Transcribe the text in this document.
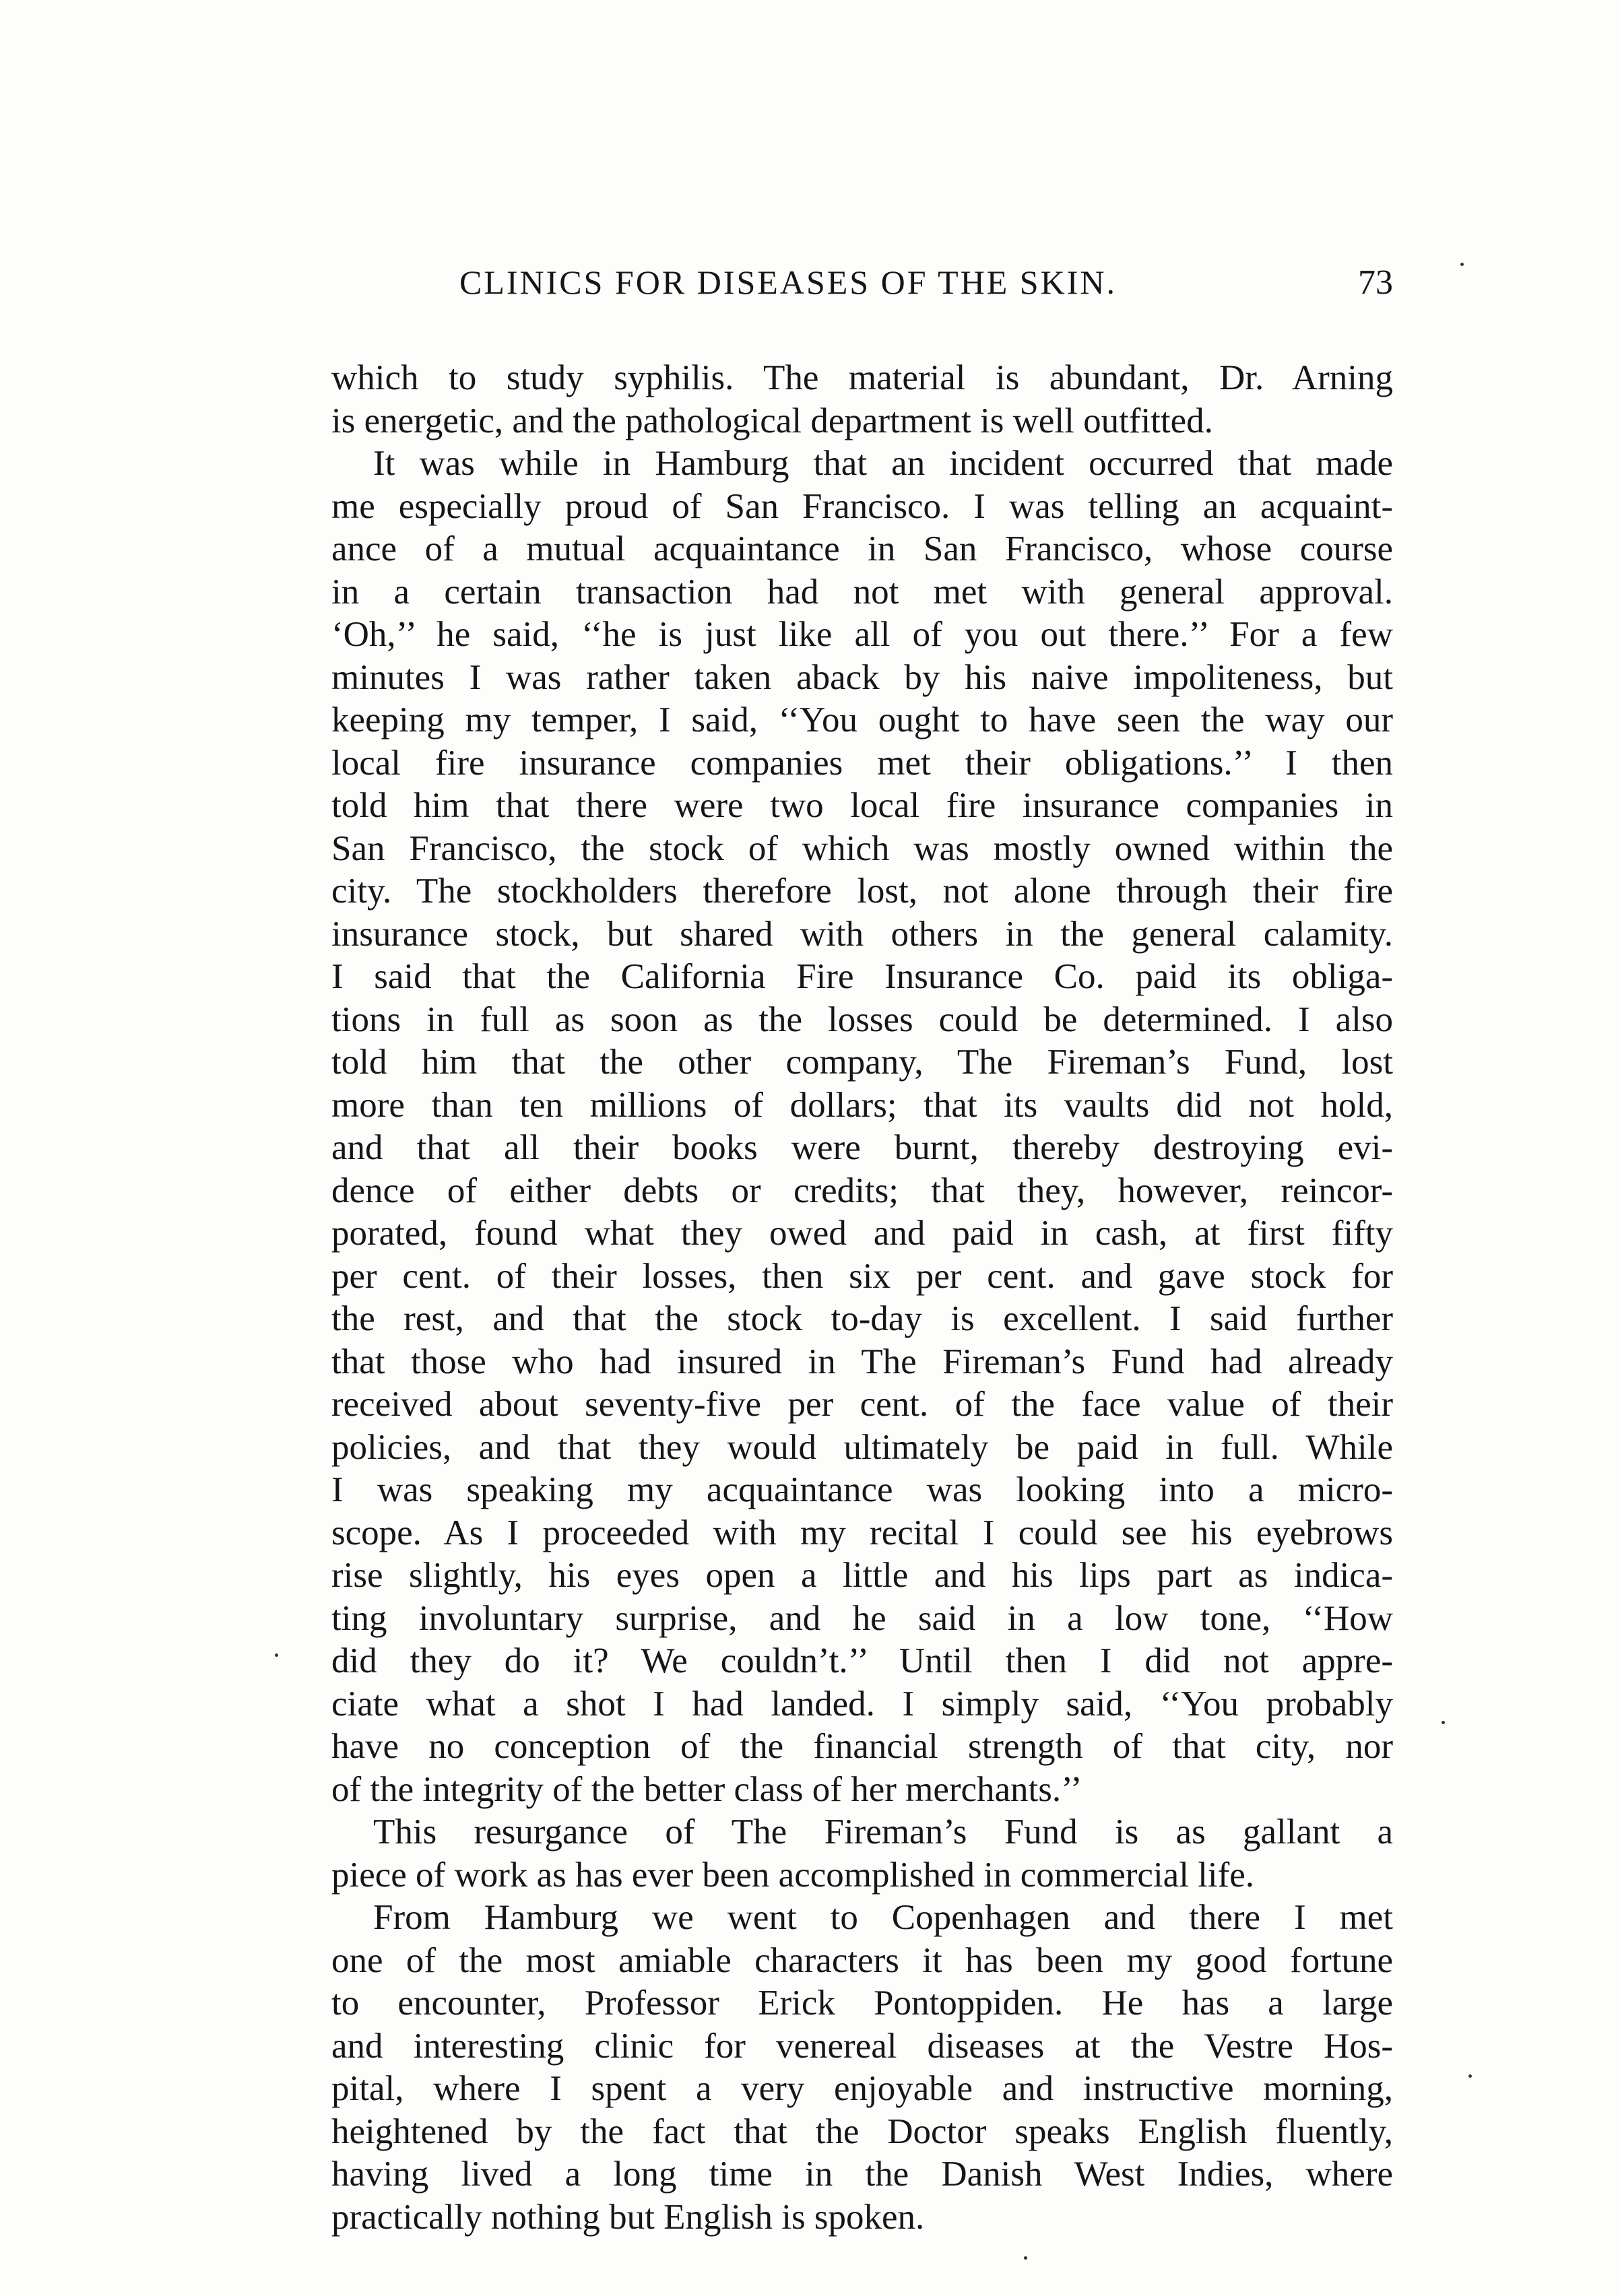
CLINICS FOR DISEASES OF THE SKIN.	73
which to study syphilis. The material is abundant, Dr. Arning
is energetic, and the pathological department is well outfitted.
It was while in Hamburg that an incident occurred that made
me especially proud of San Francisco. I was telling an acquaint-
ance of a mutual acquaintance in San Francisco, whose course
in a certain transaction had not met with general approval.
‘Oh,’’ he said, ‘‘he is just like all of you out there.’’ For a few
minutes I was rather taken aback by his naive impoliteness, but
keeping my temper, I said, ‘‘You ought to have seen the way our
local fire insurance companies met their obligations.’’ I then
told him that there were two local fire insurance companies in
San Francisco, the stock of which was mostly owned within the
city. The stockholders therefore lost, not alone through their fire
insurance stock, but shared with others in the general calamity.
I said that the California Fire Insurance Co. paid its obliga-
tions in full as soon as the losses could be determined. I also
told him that the other company, The Fireman’s Fund, lost
more than ten millions of dollars; that its vaults did not hold,
and that all their books were burnt, thereby destroying evi-
dence of either debts or credits; that they, however, reincor-
porated, found what they owed and paid in cash, at first fifty
per cent. of their losses, then six per cent. and gave stock for
the rest, and that the stock to-day is excellent. I said further
that those who had insured in The Fireman’s Fund had already
received about seventy-five per cent. of the face value of their
policies, and that they would ultimately be paid in full. While
I was speaking my acquaintance was looking into a micro-
scope. As I proceeded with my recital I could see his eyebrows
rise slightly, his eyes open a little and his lips part as indica-
ting involuntary surprise, and he said in a low tone, ‘‘How
did they do it? We couldn’t.’’ Until then I did not appre-
ciate what a shot I had landed. I simply said, ‘‘You probably
have no conception of the financial strength of that city, nor
of the integrity of the better class of her merchants.’’
This resurgance of The Fireman’s Fund is as gallant a
piece of work as has ever been accomplished in commercial life.
From Hamburg we went to Copenhagen and there I met
one of the most amiable characters it has been my good fortune
to encounter, Professor Erick Pontoppiden. He has a large
and interesting clinic for venereal diseases at the Vestre Hos-
pital, where I spent a very enjoyable and instructive morning,
heightened by the fact that the Doctor speaks English fluently,
having lived a long time in the Danish West Indies, where
practically nothing but English is spoken.
